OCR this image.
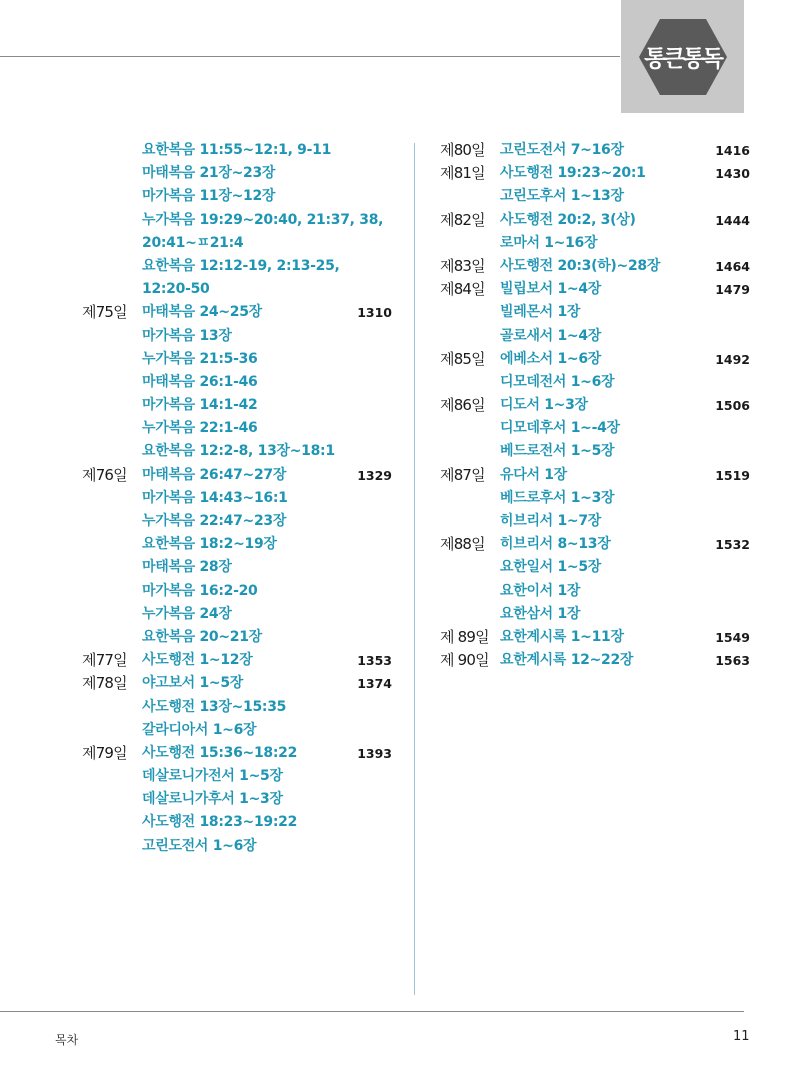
통큰통독
요한복음 11:55~12:1, 9-11
마태복음 21장~23장
마가복음 11장~12장
누가복음 19:29~20:40, 21:37, 38,
20:41~ㅍ21:4
요한복음 12:12-19, 2:13-25,
12:20-50
제75일 마태복음 24~25장	1310
마가복음 13장
누가복음 21:5-36
마태복음 26:1-46
마가복음 14:1-42
누가복음 22:1-46
요한복음 12:2-8, 13장~18:1
제76일 마태복음 26:47~27장	1329
마가복음 14:43~16:1
누가복음 22:47~23장
요한복음 18:2~19장
마태복음 28장
마가복음 16:2-20
누가복음 24장
요한복음 20~21장
제77일 사도행전 1~12장	1353
제78일 야고보서 1~5장	1374
사도행전 13장~15:35
갈라디아서 1~6장
제79일 사도행전 15:36~18:22	1393
데살로니가전서 1~5장
데살로니가후서 1~3장
사도행전 18:23~19:22
고린도전서 1~6장
제80일 고린도전서 7~16장	1416
제81일 사도행전 19:23~20:1	1430
고린도후서 1~13장
제82일 사도행전 20:2, 3(상)	1444
로마서 1~16장
제83일 사도행전 20:3(하)~28장	1464
제84일 빌립보서 1~4장	1479
빌레몬서 1장
골로새서 1~4장
제85일 에베소서 1~6장	1492
디모데전서 1~6장
제86일 디도서 1~3장	1506
디모데후서 1~-4장
베드로전서 1~5장
제87일 유다서 1장	1519
베드로후서 1~3장
히브리서 1~7장
제88일 히브리서 8~13장	1532
요한일서 1~5장
요한이서 1장
요한삼서 1장
제 89일 요한계시록 1~11장	1549
제 90일 요한계시록 12~22장	1563
목차	11
